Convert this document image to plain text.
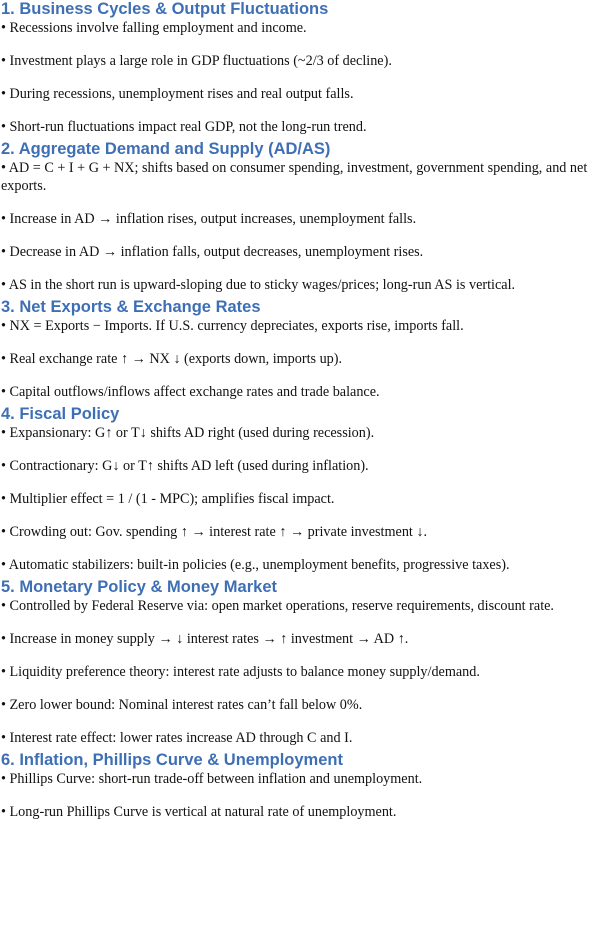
1. Business Cycles & Output Fluctuations
• Recessions involve falling employment and income.
• Investment plays a large role in GDP fluctuations (~2/3 of decline).
• During recessions, unemployment rises and real output falls.
• Short-run fluctuations impact real GDP, not the long-run trend.
2. Aggregate Demand and Supply (AD/AS)
• AD = C + I + G + NX; shifts based on consumer spending, investment, government spending, and net exports.
• Increase in AD → inflation rises, output increases, unemployment falls.
• Decrease in AD → inflation falls, output decreases, unemployment rises.
• AS in the short run is upward-sloping due to sticky wages/prices; long-run AS is vertical.
3. Net Exports & Exchange Rates
• NX = Exports − Imports. If U.S. currency depreciates, exports rise, imports fall.
• Real exchange rate ↑ → NX ↓ (exports down, imports up).
• Capital outflows/inflows affect exchange rates and trade balance.
4. Fiscal Policy
• Expansionary: G↑ or T↓ shifts AD right (used during recession).
• Contractionary: G↓ or T↑ shifts AD left (used during inflation).
• Multiplier effect = 1 / (1 - MPC); amplifies fiscal impact.
• Crowding out: Gov. spending ↑ → interest rate ↑ → private investment ↓.
• Automatic stabilizers: built-in policies (e.g., unemployment benefits, progressive taxes).
5. Monetary Policy & Money Market
• Controlled by Federal Reserve via: open market operations, reserve requirements, discount rate.
• Increase in money supply → ↓ interest rates → ↑ investment → AD ↑.
• Liquidity preference theory: interest rate adjusts to balance money supply/demand.
• Zero lower bound: Nominal interest rates can’t fall below 0%.
• Interest rate effect: lower rates increase AD through C and I.
6. Inflation, Phillips Curve & Unemployment
• Phillips Curve: short-run trade-off between inflation and unemployment.
• Long-run Phillips Curve is vertical at natural rate of unemployment.
